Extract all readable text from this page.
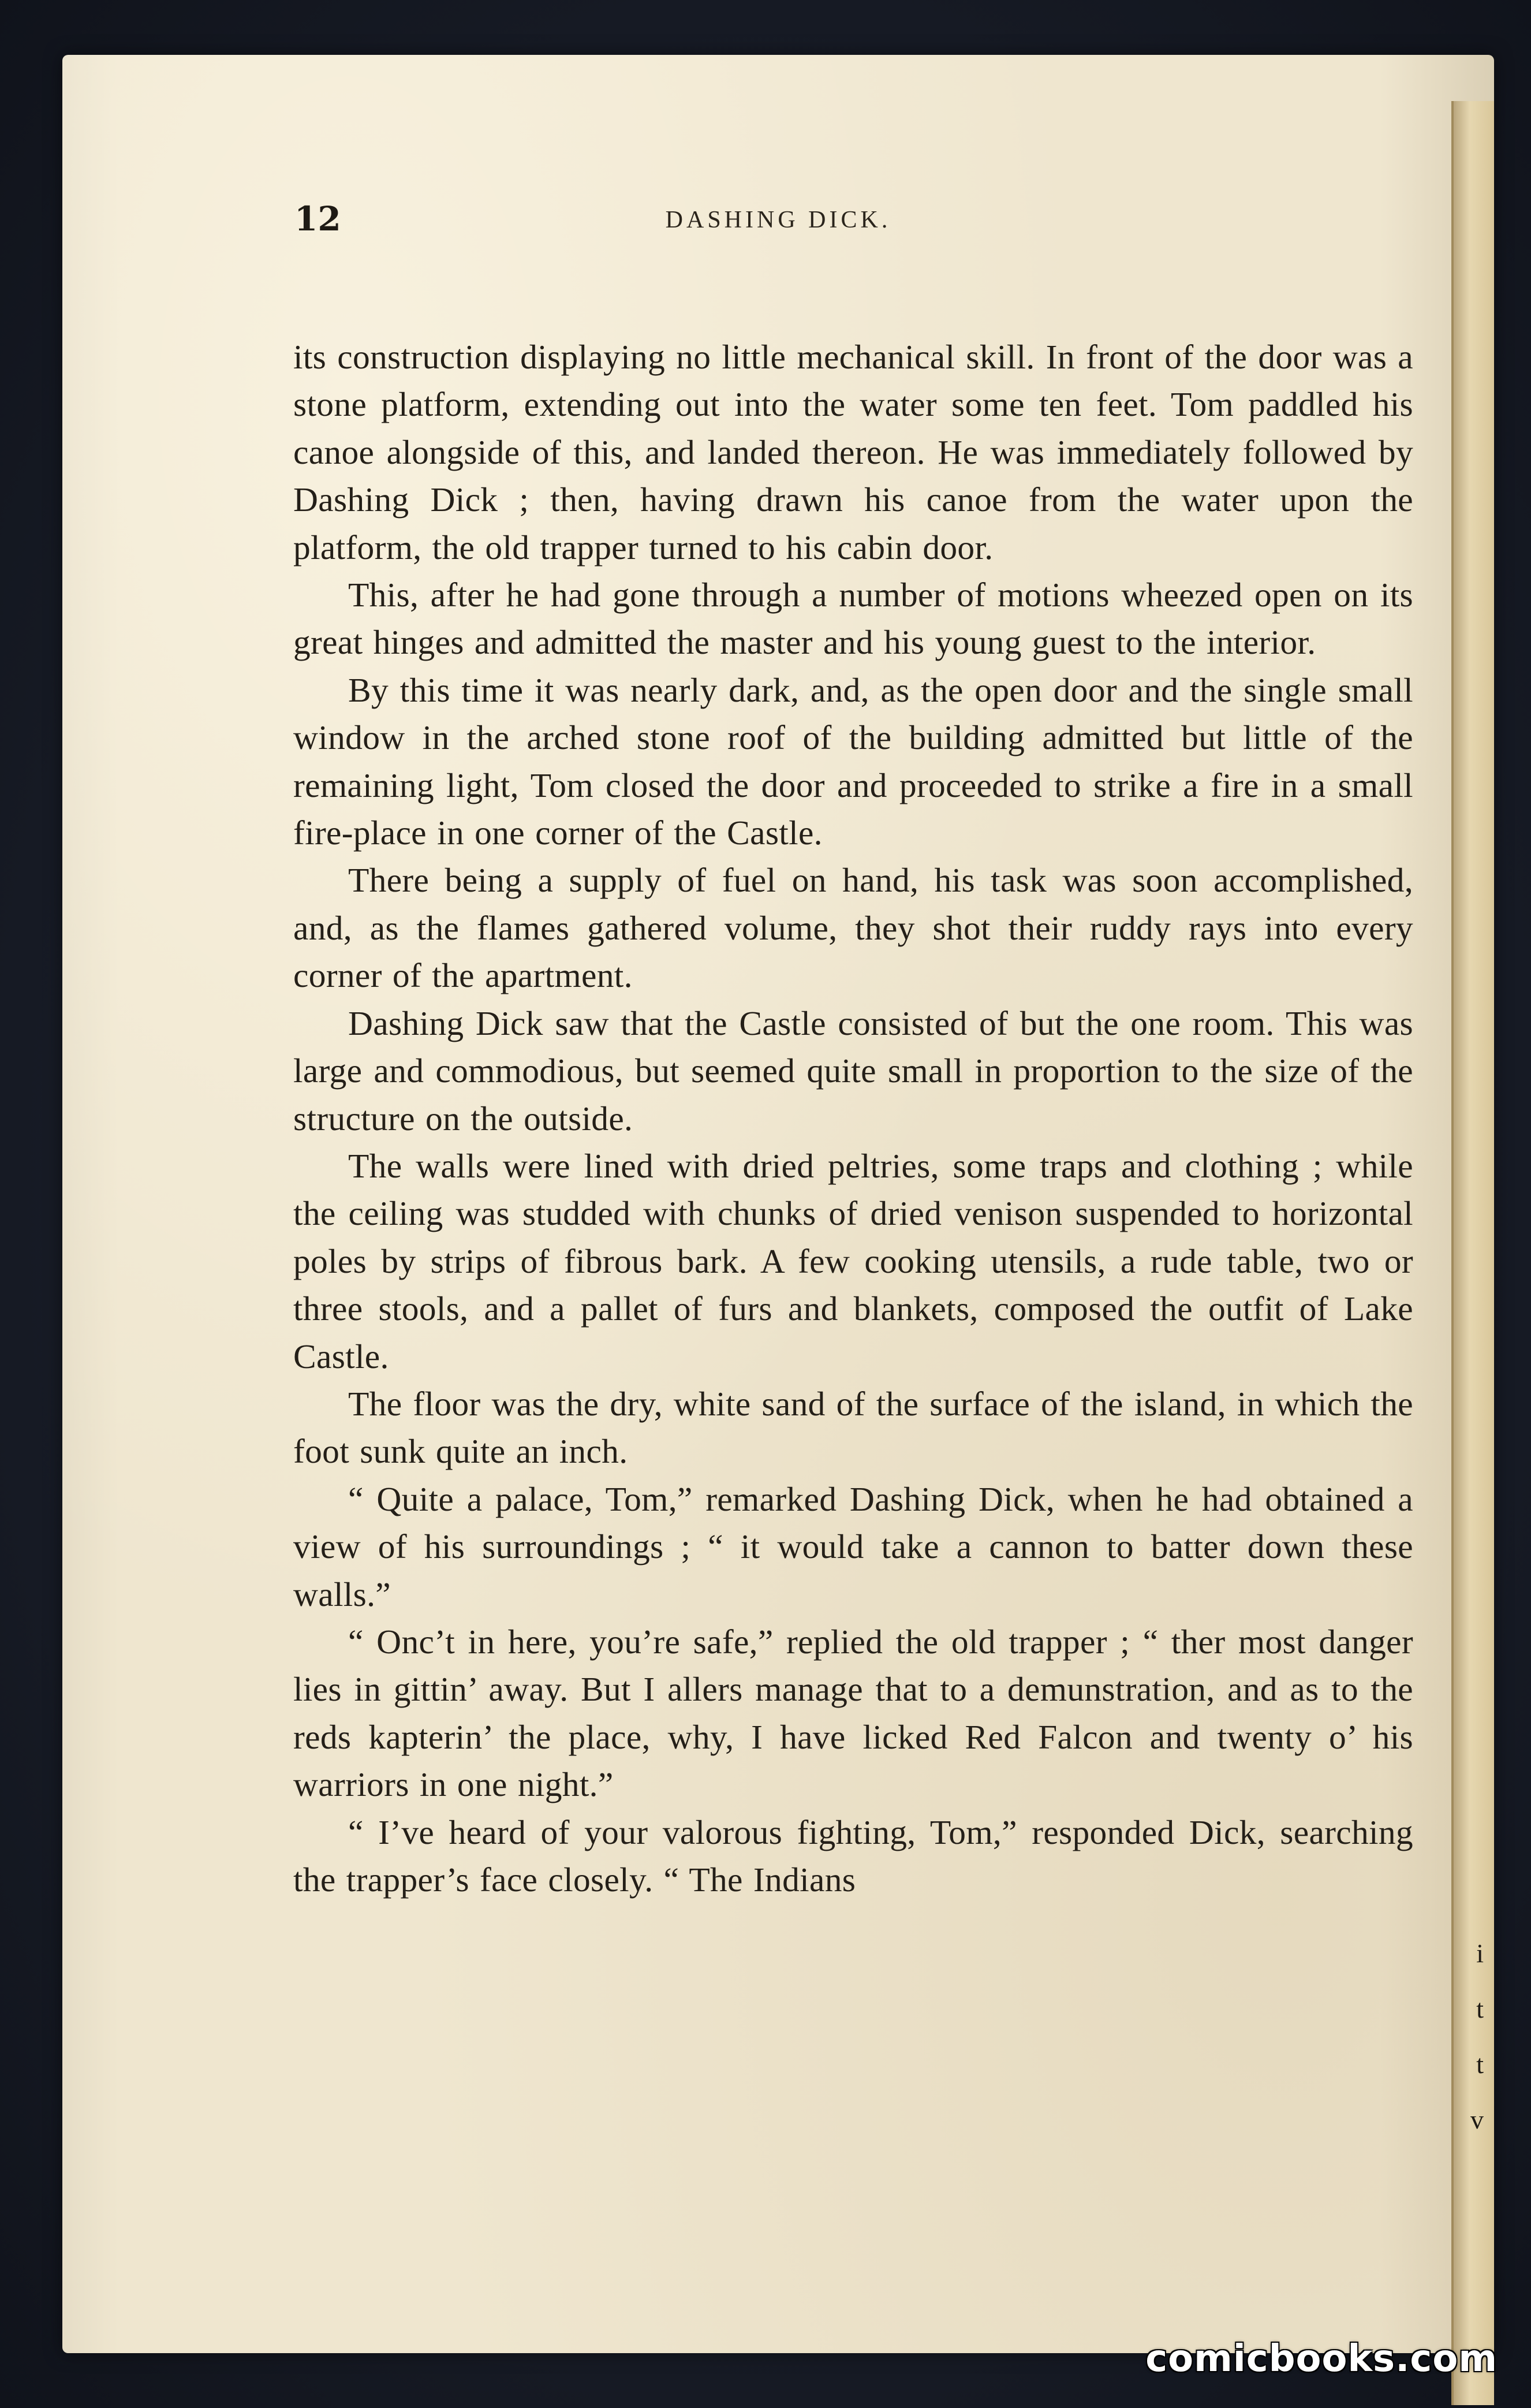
i
t
t
v
12	DASHING DICK.

its construction displaying no little mechanical skill. In front of the door was a stone platform, extending out into the water some ten feet. Tom paddled his canoe alongside of this, and landed thereon. He was immediately followed by Dashing Dick ; then, having drawn his canoe from the water upon the platform, the old trapper turned to his cabin door.

This, after he had gone through a number of motions wheezed open on its great hinges and admitted the master and his young guest to the interior.

By this time it was nearly dark, and, as the open door and the single small window in the arched stone roof of the building admitted but little of the remaining light, Tom closed the door and proceeded to strike a fire in a small fire-place in one corner of the Castle.

There being a supply of fuel on hand, his task was soon accomplished, and, as the flames gathered volume, they shot their ruddy rays into every corner of the apartment.

Dashing Dick saw that the Castle consisted of but the one room. This was large and commodious, but seemed quite small in proportion to the size of the structure on the outside.

The walls were lined with dried peltries, some traps and clothing ; while the ceiling was studded with chunks of dried venison suspended to horizontal poles by strips of fibrous bark. A few cooking utensils, a rude table, two or three stools, and a pallet of furs and blankets, composed the outfit of Lake Castle.

The floor was the dry, white sand of the surface of the island, in which the foot sunk quite an inch.

“ Quite a palace, Tom,” remarked Dashing Dick, when he had obtained a view of his surroundings ; “ it would take a cannon to batter down these walls.”

“ Onc’t in here, you’re safe,” replied the old trapper ; “ ther most danger lies in gittin’ away. But I allers manage that to a demunstration, and as to the reds kapterin’ the place, why, I have licked Red Falcon and twenty o’ his warriors in one night.”

“ I’ve heard of your valorous fighting, Tom,” responded Dick, searching the trapper’s face closely. “ The Indians

comicbooks.com
